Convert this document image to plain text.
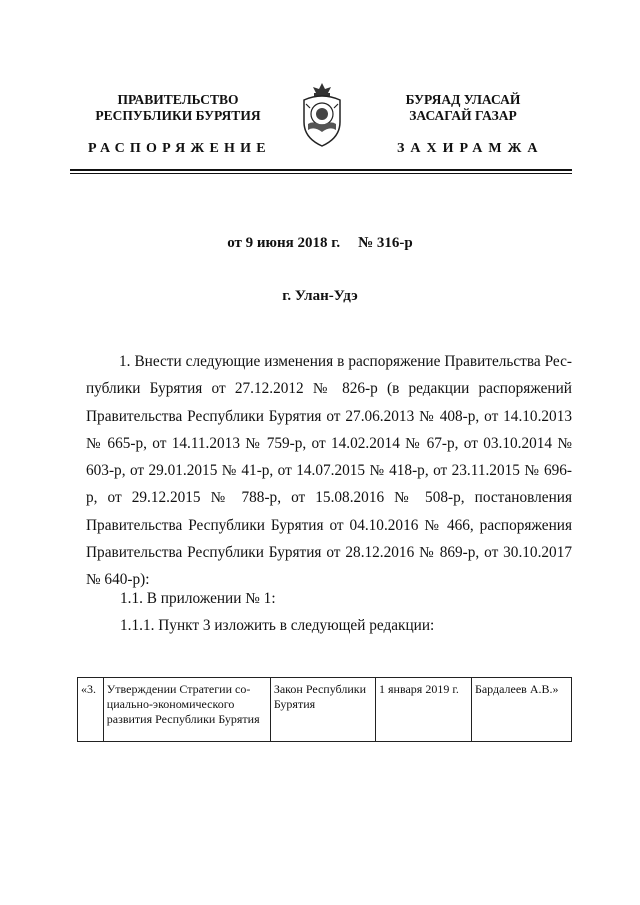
ПРАВИТЕЛЬСТВО
РЕСПУБЛИКИ БУРЯТИЯ
БУРЯАД УЛАСАЙ
ЗАСАГАЙ ГАЗАР
РАСПОРЯЖЕНИЕ	ЗАХИРАМЖА
от 9 июня 2018 г. № 316-р
г. Улан-Удэ
1. Внести следующие изменения в распоряжение Правительства Республики Бурятия от 27.12.2012 № 826-р (в редакции распоряжений Правительства Республики Бурятия от 27.06.2013 № 408-р, от 14.10.2013 № 665-р, от 14.11.2013 № 759-р, от 14.02.2014 № 67-р, от 03.10.2014 № 603-р, от 29.01.2015 № 41-р, от 14.07.2015 № 418-р, от 23.11.2015 № 696-р, от 29.12.2015 № 788-р, от 15.08.2016 № 508-р, постановления Правительства Республики Бурятия от 04.10.2016 № 466, распоряжения Правительства Республики Бурятия от 28.12.2016 № 869-р, от 30.10.2017 № 640-р):
1.1. В приложении № 1:
1.1.1. Пункт 3 изложить в следующей редакции:
«3.	Утверждении Стратегии социально-экономического развития Республики Бурятия	Закон Республики Бурятия	1 января 2019 г.	Бардалеев А.В.»
